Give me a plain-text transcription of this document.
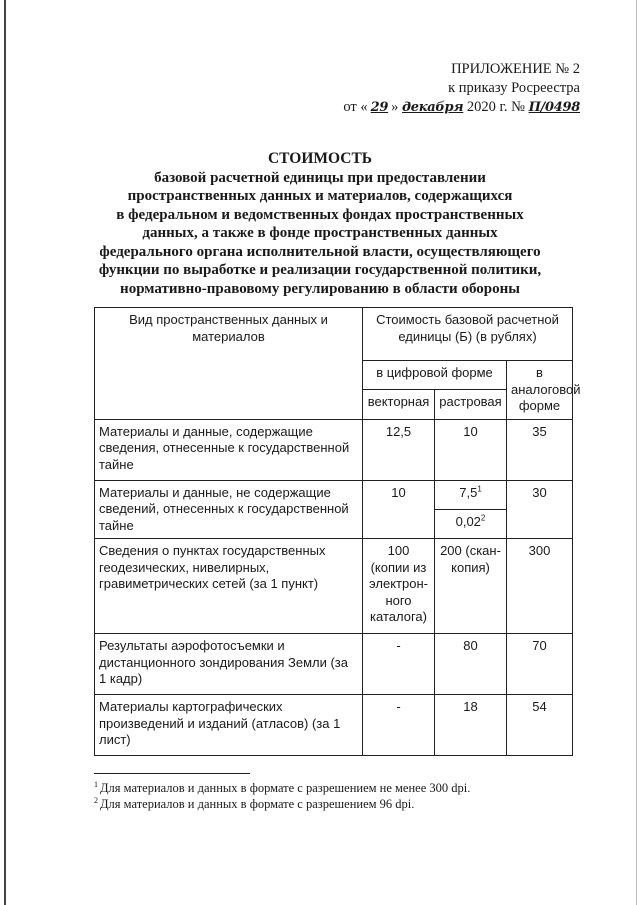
ПРИЛОЖЕНИЕ № 2
к приказу Росреестра
от « 29 » декабря 2020 г. № П/0498
СТОИМОСТЬ
базовой расчетной единицы при предоставлении
пространственных данных и материалов, содержащихся
в федеральном и ведомственных фондах пространственных
данных, а также в фонде пространственных данных
федерального органа исполнительной власти, осуществляющего
функции по выработке и реализации государственной политики,
нормативно-правовому регулированию в области обороны
Вид пространственных данных и материалов	Стоимость базовой расчетной единицы (Б) (в рублях)		
	в цифровой форме		в аналоговой форме
	векторная	растровая	
Материалы и данные, содержащие сведения, отнесенные к государственной тайне	12,5	10	35
Материалы и данные, не содержащие сведений, отнесенных к государственной тайне	10	$7,5^1$	30
		0,02$^2$
Сведения о пунктах государственных геодезических, нивелирных, гравиметрических сетей (за 1 пункт)	100 (копии из электрон-ного каталога)	200 (скан-копия)	300
Результаты аэрофотосъемки и дистанционного зондирования Земли (за 1 кадр)	-	80	70
Материалы картографических произведений и изданий (атласов) (за 1 лист)	-	18	54
$^1$ Для материалов и данных в формате с разрешением не менее 300 dpi.
$^2$ Для материалов и данных в формате с разрешением 96 dpi.
